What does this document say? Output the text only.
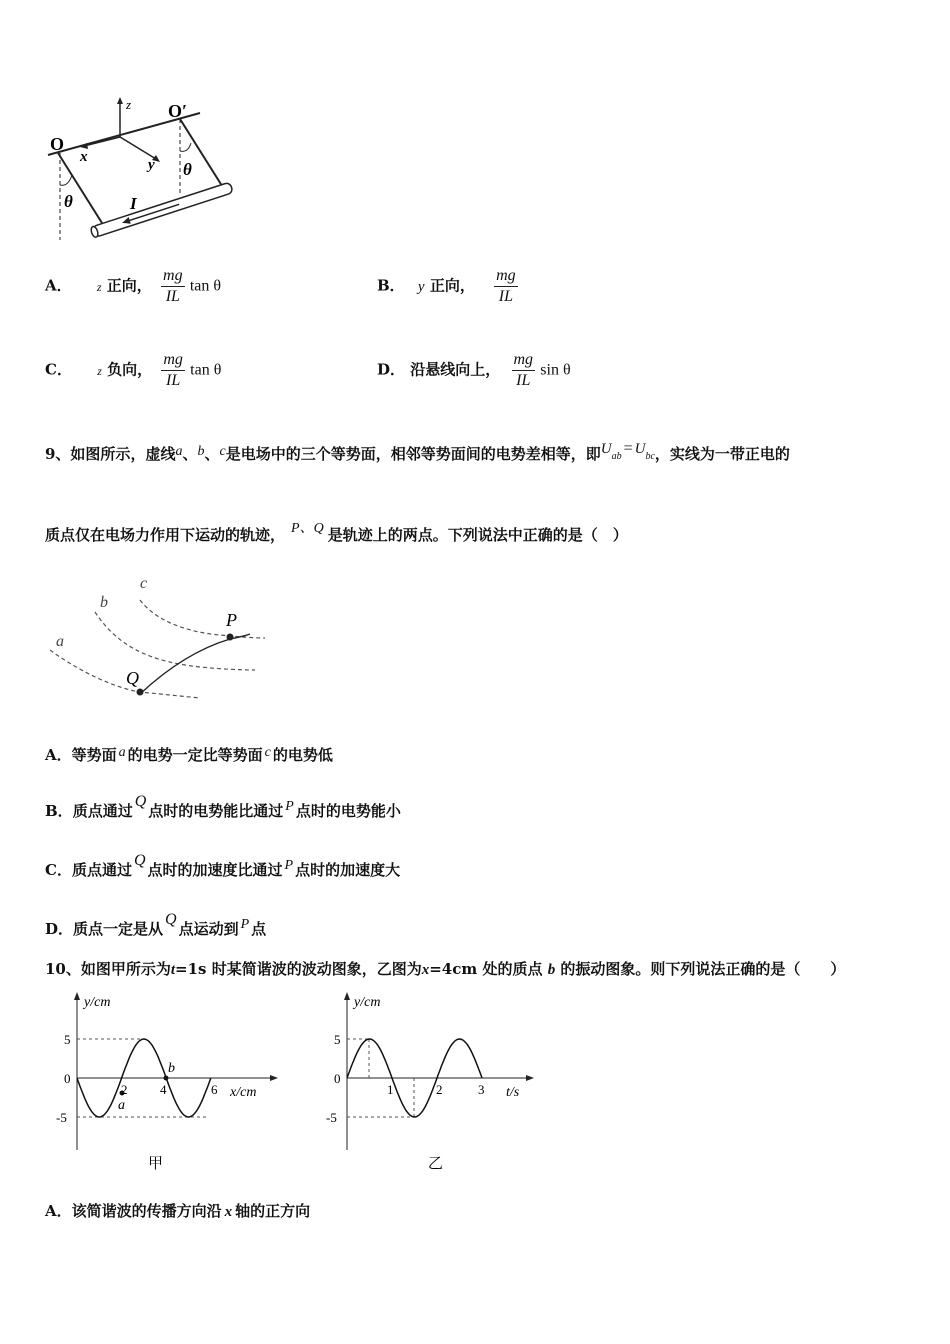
O
O′
z
x	y
θ
θ
I
A． z 正向， $\frac{mg}{IL}$ tan θ	B． y 正向， $\frac{mg}{IL}$
C． z 负向， $\frac{mg}{IL}$ tan θ	D． 沿悬线向上， $\frac{mg}{IL}$ sin θ
9、如图所示，虚线a、b、c是电场中的三个等势面，相邻等势面间的电势差相等，即Uab = Ubc，实线为一带正电的
质点仅在电场力作用下运动的轨迹， P、Q 是轨迹上的两点。下列说法中正确的是（　）
a
b
c
P
Q
A．等势面 a 的电势一定比等势面 c 的电势低
B．质点通过Q点时的电势能比通过 P 点时的电势能小
C．质点通过Q点时的加速度比通过 P 点时的加速度大
D．质点一定是从Q点运动到 P 点
10、如图甲所示为t=1s 时某简谐波的波动图象，乙图为x=4cm 处的质点 b 的振动图象。则下列说法正确的是（　　）
y/cm
x/cm
5
0
-5
2	4	6
a
b
甲
y/cm
t/s
5
0
-5
1	2	3
乙
A．该简谐波的传播方向沿 x 轴的正方向
